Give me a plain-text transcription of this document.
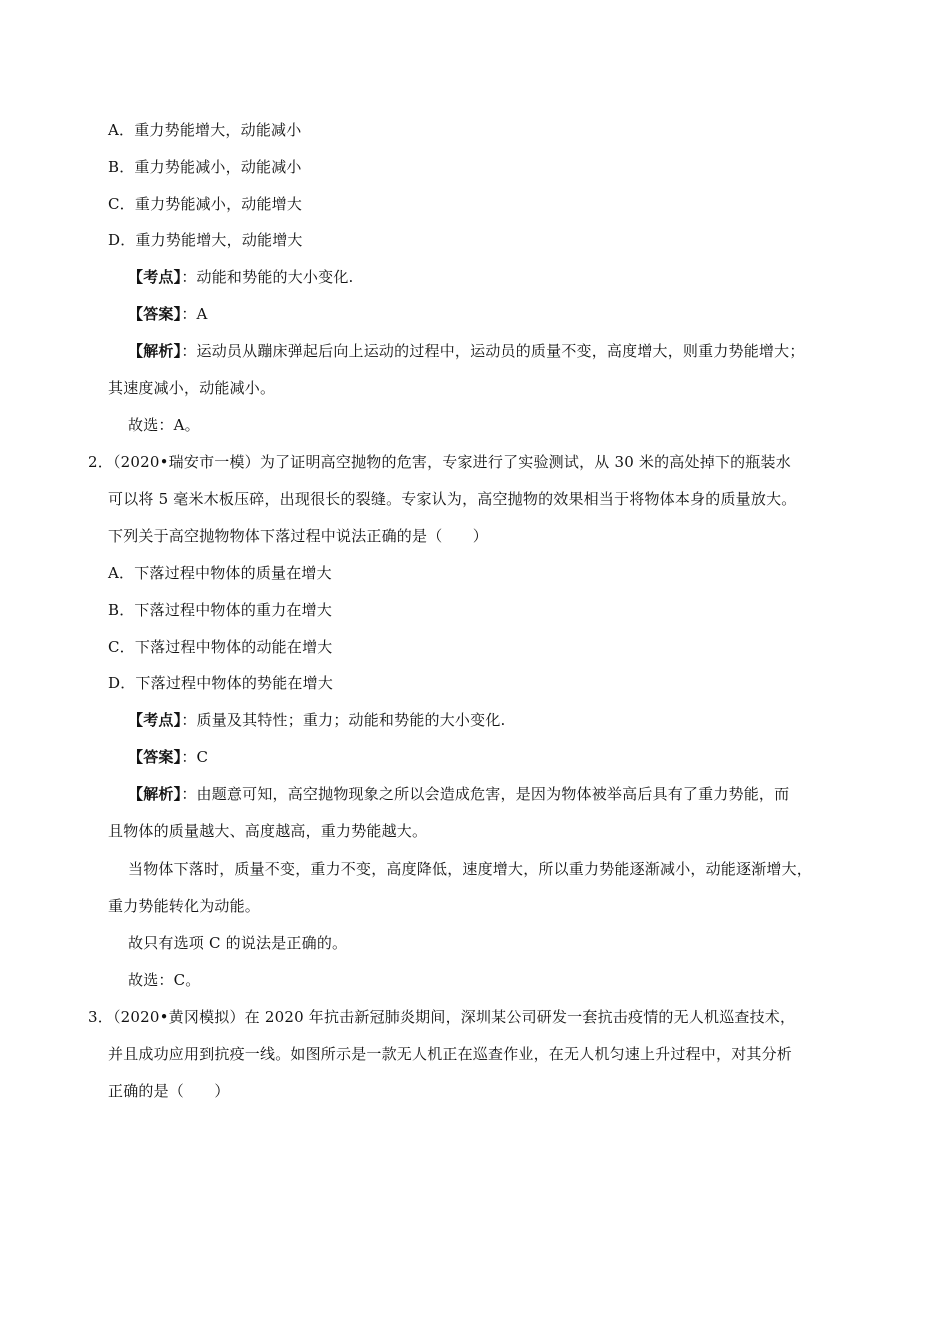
A．重力势能增大，动能减小
B．重力势能减小，动能减小
C．重力势能减小，动能增大
D．重力势能增大，动能增大
【考点】：动能和势能的大小变化.
【答案】：A
【解析】：运动员从蹦床弹起后向上运动的过程中，运动员的质量不变，高度增大，则重力势能增大；
其速度减小，动能减小。
故选：A。
2．（2020•瑞安市一模）为了证明高空抛物的危害，专家进行了实验测试，从 30 米的高处掉下的瓶装水
可以将 5 毫米木板压碎，出现很长的裂缝。专家认为，高空抛物的效果相当于将物体本身的质量放大。
下列关于高空抛物物体下落过程中说法正确的是（　　）
A．下落过程中物体的质量在增大
B．下落过程中物体的重力在增大
C．下落过程中物体的动能在增大
D．下落过程中物体的势能在增大
【考点】：质量及其特性；重力；动能和势能的大小变化.
【答案】：C
【解析】：由题意可知，高空抛物现象之所以会造成危害，是因为物体被举高后具有了重力势能，而
且物体的质量越大、高度越高，重力势能越大。
当物体下落时，质量不变，重力不变，高度降低，速度增大，所以重力势能逐渐减小，动能逐渐增大，
重力势能转化为动能。
故只有选项 C 的说法是正确的。
故选：C。
3．（2020•黄冈模拟）在 2020 年抗击新冠肺炎期间，深圳某公司研发一套抗击疫情的无人机巡查技术，
并且成功应用到抗疫一线。如图所示是一款无人机正在巡查作业，在无人机匀速上升过程中，对其分析
正确的是（　　）
